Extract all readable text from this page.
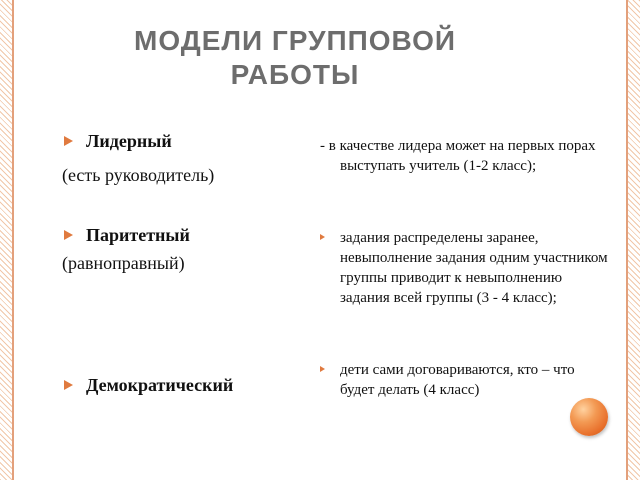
МОДЕЛИ ГРУППОВОЙ РАБОТЫ
Лидерный
(есть руководитель)
Паритетный
(равноправный)
Демократический
- в качестве лидера может на первых порах выступать учитель (1-2 класс);
задания распределены заранее, невыполнение задания одним участником группы приводит к невыполнению задания всей группы (3 - 4 класс);
дети сами договариваются, кто – что будет делать (4 класс)
